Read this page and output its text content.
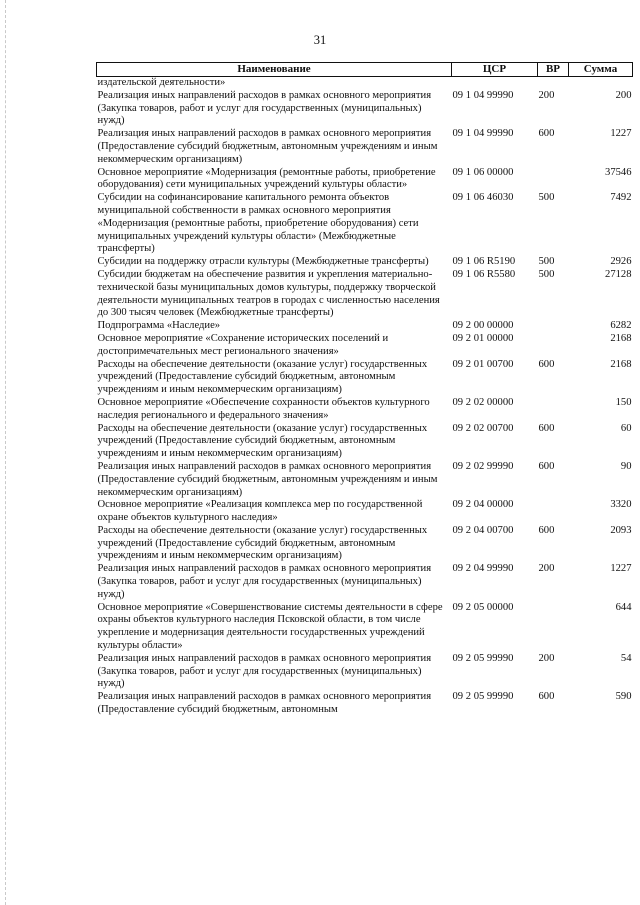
31
Наименование	ЦСР	ВР	Сумма
издательской деятельности»			
Реализация иных направлений расходов в рамках основного мероприятия (Закупка товаров, работ и услуг для государственных (муниципальных) нужд)	09 1 04 99990	200	200
Реализация иных направлений расходов в рамках основного мероприятия (Предоставление субсидий бюджетным, автономным учреждениям и иным некоммерческим организациям)	09 1 04 99990	600	1227
Основное мероприятие «Модернизация (ремонтные работы, приобретение оборудования) сети муниципальных учреждений культуры области»	09 1 06 00000		37546
Субсидии на софинансирование капитального ремонта объектов муниципальной собственности в рамках основного мероприятия «Модернизация (ремонтные работы, приобретение оборудования) сети муниципальных учреждений культуры области» (Межбюджетные трансферты)	09 1 06 46030	500	7492
Субсидии на поддержку отрасли культуры (Межбюджетные трансферты)	09 1 06 R5190	500	2926
Субсидии бюджетам на обеспечение развития и укрепления материально-технической базы муниципальных домов культуры, поддержку творческой деятельности муниципальных театров в городах с численностью населения до 300 тысяч человек (Межбюджетные трансферты)	09 1 06 R5580	500	27128
Подпрограмма «Наследие»	09 2 00 00000		6282
Основное мероприятие «Сохранение исторических поселений и достопримечательных мест регионального значения»	09 2 01 00000		2168
Расходы на обеспечение деятельности (оказание услуг) государственных учреждений (Предоставление субсидий бюджетным, автономным учреждениям и иным некоммерческим организациям)	09 2 01 00700	600	2168
Основное мероприятие «Обеспечение сохранности объектов культурного наследия регионального и федерального значения»	09 2 02 00000		150
Расходы на обеспечение деятельности (оказание услуг) государственных учреждений (Предоставление субсидий бюджетным, автономным учреждениям и иным некоммерческим организациям)	09 2 02 00700	600	60
Реализация иных направлений расходов в рамках основного мероприятия (Предоставление субсидий бюджетным, автономным учреждениям и иным некоммерческим организациям)	09 2 02 99990	600	90
Основное мероприятие «Реализация комплекса мер по государственной охране объектов культурного наследия»	09 2 04 00000		3320
Расходы на обеспечение деятельности (оказание услуг) государственных учреждений (Предоставление субсидий бюджетным, автономным учреждениям и иным некоммерческим организациям)	09 2 04 00700	600	2093
Реализация иных направлений расходов в рамках основного мероприятия (Закупка товаров, работ и услуг для государственных (муниципальных) нужд)	09 2 04 99990	200	1227
Основное мероприятие «Совершенствование системы деятельности в сфере охраны объектов культурного наследия Псковской области, в том числе укрепление и модернизация деятельности государственных учреждений культуры области»	09 2 05 00000		644
Реализация иных направлений расходов в рамках основного мероприятия (Закупка товаров, работ и услуг для государственных (муниципальных) нужд)	09 2 05 99990	200	54
Реализация иных направлений расходов в рамках основного мероприятия (Предоставление субсидий бюджетным, автономным	09 2 05 99990	600	590
